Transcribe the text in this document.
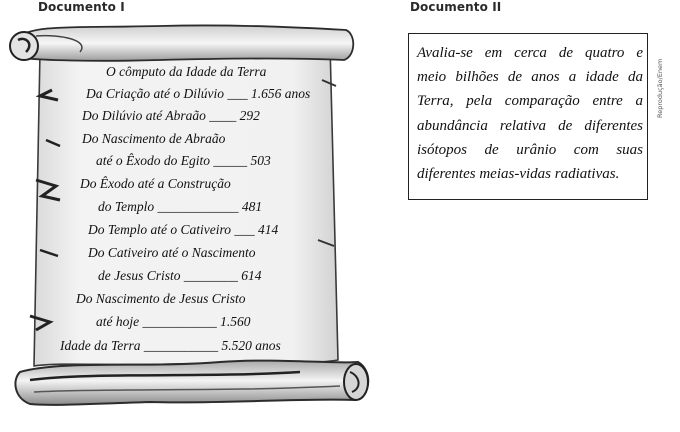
Documento I	Documento II
O cômputo da Idade da Terra
Da Criação até o Dilúvio ___ 1.656 anos
Do Dilúvio até Abraão ____ 292
Do Nascimento de Abraão
até o Êxodo do Egito _____ 503
Do Êxodo até a Construção
do Templo ____________ 481
Do Templo até o Cativeiro ___ 414
Do Cativeiro até o Nascimento
de Jesus Cristo ________ 614
Do Nascimento de Jesus Cristo
até hoje ___________ 1.560
Idade da Terra ___________ 5.520 anos
Avalia-se em cerca de quatro e
meio bilhões de anos a idade da
Terra, pela comparação entre a
abundância relativa de diferentes
isótopos de urânio com suas
diferentes meias-vidas radiativas.
Reprodução/Enem
